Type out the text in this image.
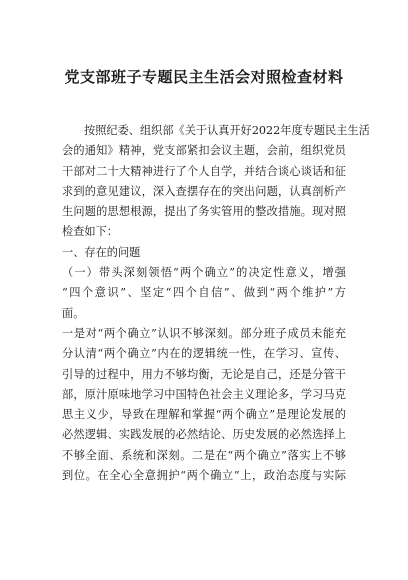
党支部班子专题民主生活会对照检查材料
按照纪委、组织部《关于认真开好2022年度专题民主生活
会的通知》精神，党支部紧扣会议主题，会前，组织党员
干部对二十大精神进行了个人自学，并结合谈心谈话和征
求到的意见建议，深入查摆存在的突出问题，认真剖析产
生问题的思想根源，提出了务实管用的整改措施。现对照
检查如下：
一、存在的问题
（一）带头深刻领悟“两个确立”的决定性意义，增强
“四个意识”、坚定“四个自信”、做到“两个维护”方
面。
一是对“两个确立”认识不够深刻。部分班子成员未能充
分认清“两个确立”内在的逻辑统一性，在学习、宣传、
引导的过程中，用力不够均衡，无论是自己，还是分管干
部，原汁原味地学习中国特色社会主义理论多，学习马克
思主义少，导致在理解和掌握“两个确立”是理论发展的
必然逻辑、实践发展的必然结论、历史发展的必然选择上
不够全面、系统和深刻。二是在“两个确立”落实上不够
到位。在全心全意拥护“两个确立”上，政治态度与实际
